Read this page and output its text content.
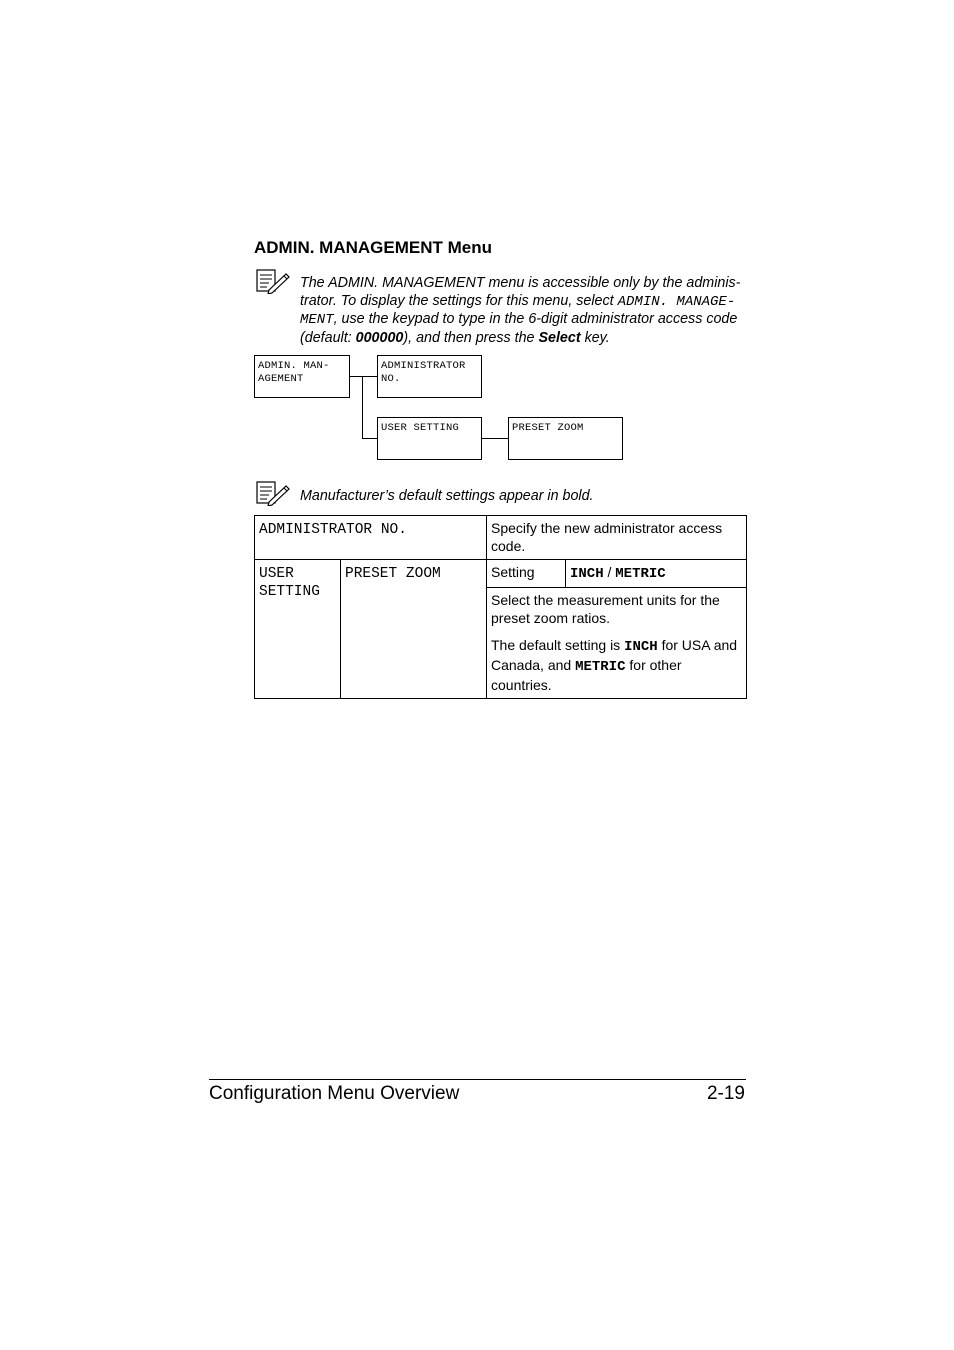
ADMIN. MANAGEMENT Menu
The ADMIN. MANAGEMENT menu is accessible only by the adminis-trator. To display the settings for this menu, select ADMIN. MANAGE-MENT, use the keypad to type in the 6-digit administrator access code (default: 000000), and then press the Select key.
ADMIN. MAN-
AGEMENT
ADMINISTRATOR
NO.
USER SETTING	PRESET ZOOM
Manufacturer’s default settings appear in bold.
ADMINISTRATOR NO.		Specify the new administrator access code.	
USER
SETTING	PRESET ZOOM	Setting	INCH / METRIC

		Select the measurement units for the preset zoom ratios.

The default setting is INCH for USA and Canada, and METRIC for other countries.	

Configuration Menu Overview	2-19
